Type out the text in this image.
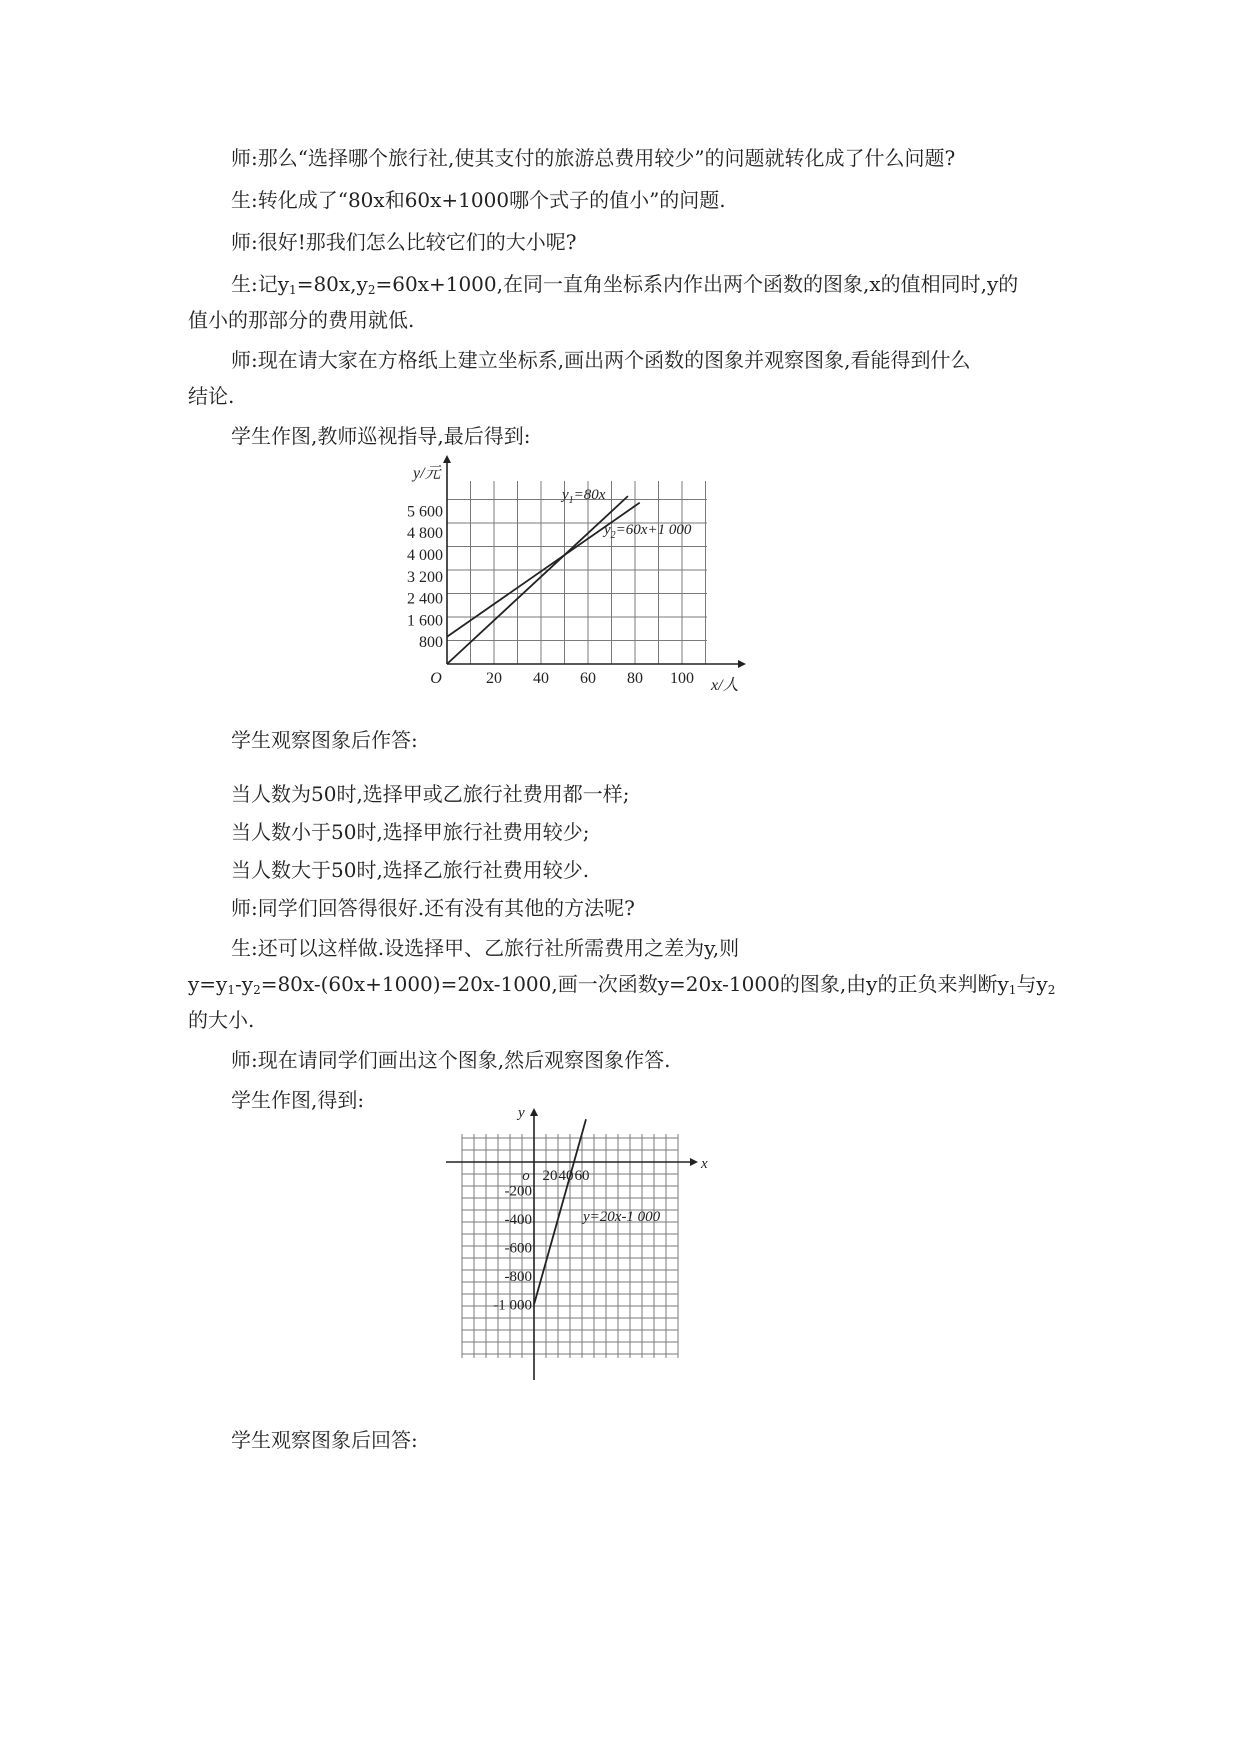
师:那么“选择哪个旅行社,使其支付的旅游总费用较少”的问题就转化成了什么问题?
生:转化成了“80x和60x+1000哪个式子的值小”的问题.
师:很好!那我们怎么比较它们的大小呢?
生:记$y_1=80x,y_2=60x+1000$,在同一直角坐标系内作出两个函数的图象,x的值相同时,y的
值小的那部分的费用就低.
师:现在请大家在方格纸上建立坐标系,画出两个函数的图象并观察图象,看能得到什么
结论.
学生作图,教师巡视指导,最后得到:
20 40 60 80 100
800
1 600
2 400
3 200
4 000
4 800
5 600
O	x/人
y/元
$y_1=80x$
$y_2=60x+1$ 000
学生观察图象后作答:
当人数为50时,选择甲或乙旅行社费用都一样;
当人数小于50时,选择甲旅行社费用较少;
当人数大于50时,选择乙旅行社费用较少.
师:同学们回答得很好.还有没有其他的方法呢?
生:还可以这样做.设选择甲、乙旅行社所需费用之差为y,则
$y=y_1-y_2=80x-(60x+1000)=20x-1000$,画一次函数y=20x-1000的图象,由y的正负来判断$y_1$与$y_2$
的大小.
师:现在请同学们画出这个图象,然后观察图象作答.
学生作图,得到:
20 40 60
-200
-400
-600
-800
-1 000
o
x
y
y=20x-1 000
学生观察图象后回答:
